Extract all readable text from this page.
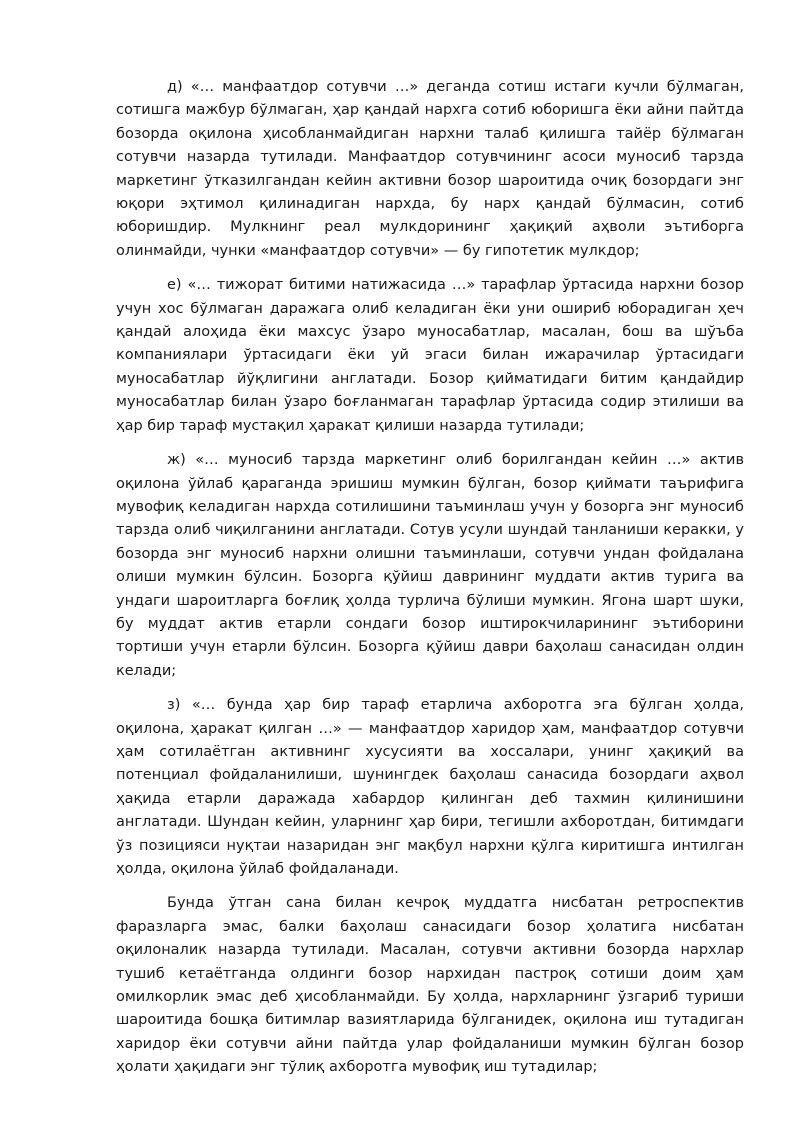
д) «… манфаатдор сотувчи …» деганда сотиш истаги кучли бўлмаган, сотишга мажбур бўлмаган, ҳар қандай нархга сотиб юборишга ёки айни пайтда бозорда оқилона ҳисобланмайдиган нархни талаб қилишга тайёр бўлмаган сотувчи назарда тутилади. Манфаатдор сотувчининг асоси муносиб тарзда маркетинг ўтказилгандан кейин активни бозор шароитида очиқ бозордаги энг юқори эҳтимол қилинадиган нархда, бу нарх қандай бўлмасин, сотиб юборишдир. Мулкнинг реал мулкдорининг ҳақиқий аҳволи эътиборга олинмайди, чунки «манфаатдор сотувчи» — бу гипотетик мулкдор;

е) «… тижорат битими натижасида …» тарафлар ўртасида нархни бозор учун хос бўлмаган даражага олиб келадиган ёки уни ошириб юборадиган ҳеч қандай алоҳида ёки махсус ўзаро муносабатлар, масалан, бош ва шўъба компаниялари ўртасидаги ёки уй эгаси билан ижарачилар ўртасидаги муносабатлар йўқлигини англатади. Бозор қийматидаги битим қандайдир муносабатлар билан ўзаро боғланмаган тарафлар ўртасида содир этилиши ва ҳар бир тараф мустақил ҳаракат қилиши назарда тутилади;

ж) «… муносиб тарзда маркетинг олиб борилгандан кейин …» актив оқилона ўйлаб қараганда эришиш мумкин бўлган, бозор қиймати таърифига мувофиқ келадиган нархда сотилишини таъминлаш учун у бозорга энг муносиб тарзда олиб чиқилганини англатади. Сотув усули шундай танланиши керакки, у бозорда энг муносиб нархни олишни таъминлаши, сотувчи ундан фойдалана олиши мумкин бўлсин. Бозорга қўйиш даврининг муддати актив турига ва ундаги шароитларга боғлиқ ҳолда турлича бўлиши мумкин. Ягона шарт шуки, бу муддат актив етарли сондаги бозор иштирокчиларининг эътиборини тортиши учун етарли бўлсин. Бозорга қўйиш даври баҳолаш санасидан олдин келади;

з) «… бунда ҳар бир тараф етарлича ахборотга эга бўлган ҳолда, оқилона, ҳаракат қилган …» — манфаатдор харидор ҳам, манфаатдор сотувчи ҳам сотилаётган активнинг хусусияти ва хоссалари, унинг ҳақиқий ва потенциал фойдаланилиши, шунингдек баҳолаш санасида бозордаги аҳвол ҳақида етарли даражада хабардор қилинган деб тахмин қилинишини англатади. Шундан кейин, уларнинг ҳар бири, тегишли ахборотдан, битимдаги ўз позицияси нуқтаи назаридан энг мақбул нархни қўлга киритишга интилган ҳолда, оқилона ўйлаб фойдаланади.

Бунда ўтган сана билан кечроқ муддатга нисбатан ретроспектив фаразларга эмас, балки баҳолаш санасидаги бозор ҳолатига нисбатан оқилоналик назарда тутилади. Масалан, сотувчи активни бозорда нархлар тушиб кетаётганда олдинги бозор нархидан пастроқ сотиши доим ҳам омилкорлик эмас деб ҳисобланмайди. Бу ҳолда, нархларнинг ўзгариб туриши шароитида бошқа битимлар вазиятларида бўлганидек, оқилона иш тутадиган харидор ёки сотувчи айни пайтда улар фойдаланиши мумкин бўлган бозор ҳолати ҳақидаги энг тўлиқ ахборотга мувофиқ иш тутадилар;
